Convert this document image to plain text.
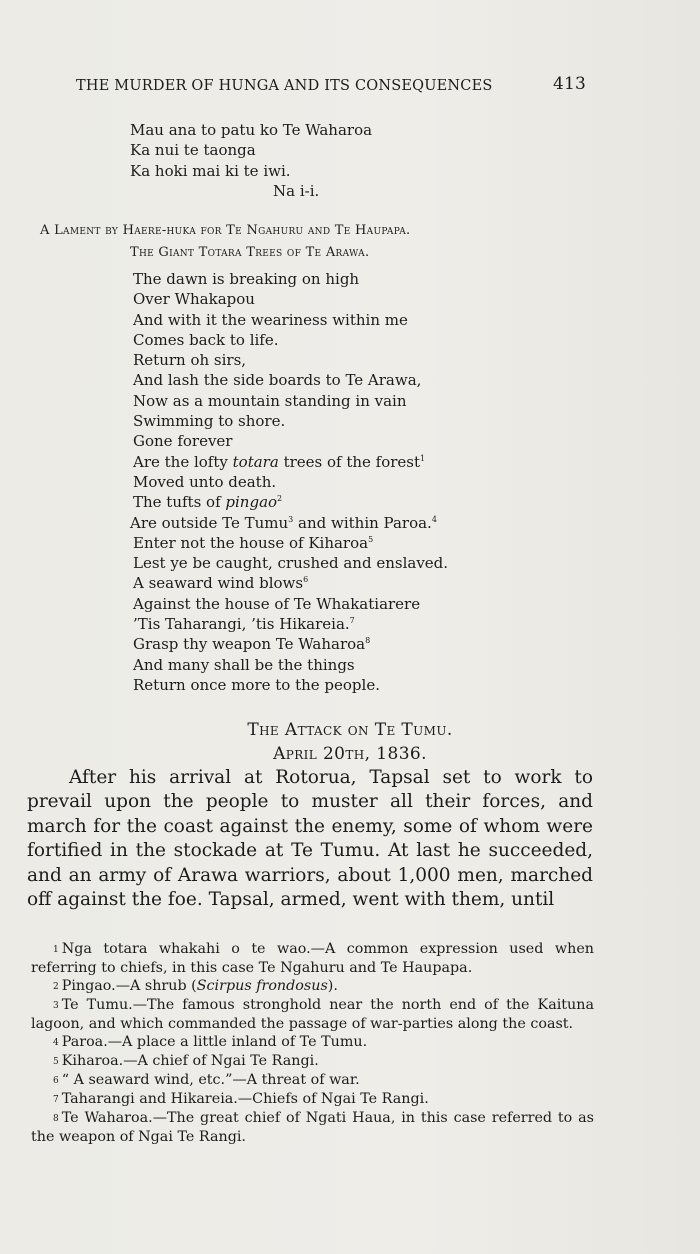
THE MURDER OF HUNGA AND ITS CONSEQUENCES	413
Mau ana to patu ko Te Waharoa
Ka nui te taonga
Ka hoki mai ki te iwi.
Na i-i.
A Lament by Haere-huka for Te Ngahuru and Te Haupapa.
The Giant Totara Trees of Te Arawa.
The dawn is breaking on high
Over Whakapou
And with it the weariness within me
Comes back to life.
Return oh sirs,
And lash the side boards to Te Arawa,
Now as a mountain standing in vain
Swimming to shore.
Gone forever
Are the lofty totara trees of the forest$^1$
Moved unto death.
The tufts of pingao$^2$
Are outside Te Tumu$^3$ and within Paroa.$^4$
Enter not the house of Kiharoa$^5$
Lest ye be caught, crushed and enslaved.
A seaward wind blows$^6$
Against the house of Te Whakatiarere
’Tis Taharangi, ’tis Hikareia.$^7$
Grasp thy weapon Te Waharoa$^8$
And many shall be the things
Return once more to the people.
The Attack on Te Tumu.
April 20th, 1836.

After his arrival at Rotorua, Tapsal set to work to prevail upon the people to muster all their forces, and march for the coast against the enemy, some of whom were fortified in the stockade at Te Tumu. At last he succeeded, and an army of Arawa warriors, about 1,000 men, marched off against the foe. Tapsal, armed, went with them, until

1 Nga totara whakahi o te wao.—A common expression used when referring to chiefs, in this case Te Ngahuru and Te Haupapa.
2 Pingao.—A shrub (Scirpus frondosus).
3 Te Tumu.—The famous stronghold near the north end of the Kaituna lagoon, and which commanded the passage of war-parties along the coast.
4 Paroa.—A place a little inland of Te Tumu.
5 Kiharoa.—A chief of Ngai Te Rangi.
6 “ A seaward wind, etc.”—A threat of war.
7 Taharangi and Hikareia.—Chiefs of Ngai Te Rangi.
8 Te Waharoa.—The great chief of Ngati Haua, in this case referred to as the weapon of Ngai Te Rangi.
